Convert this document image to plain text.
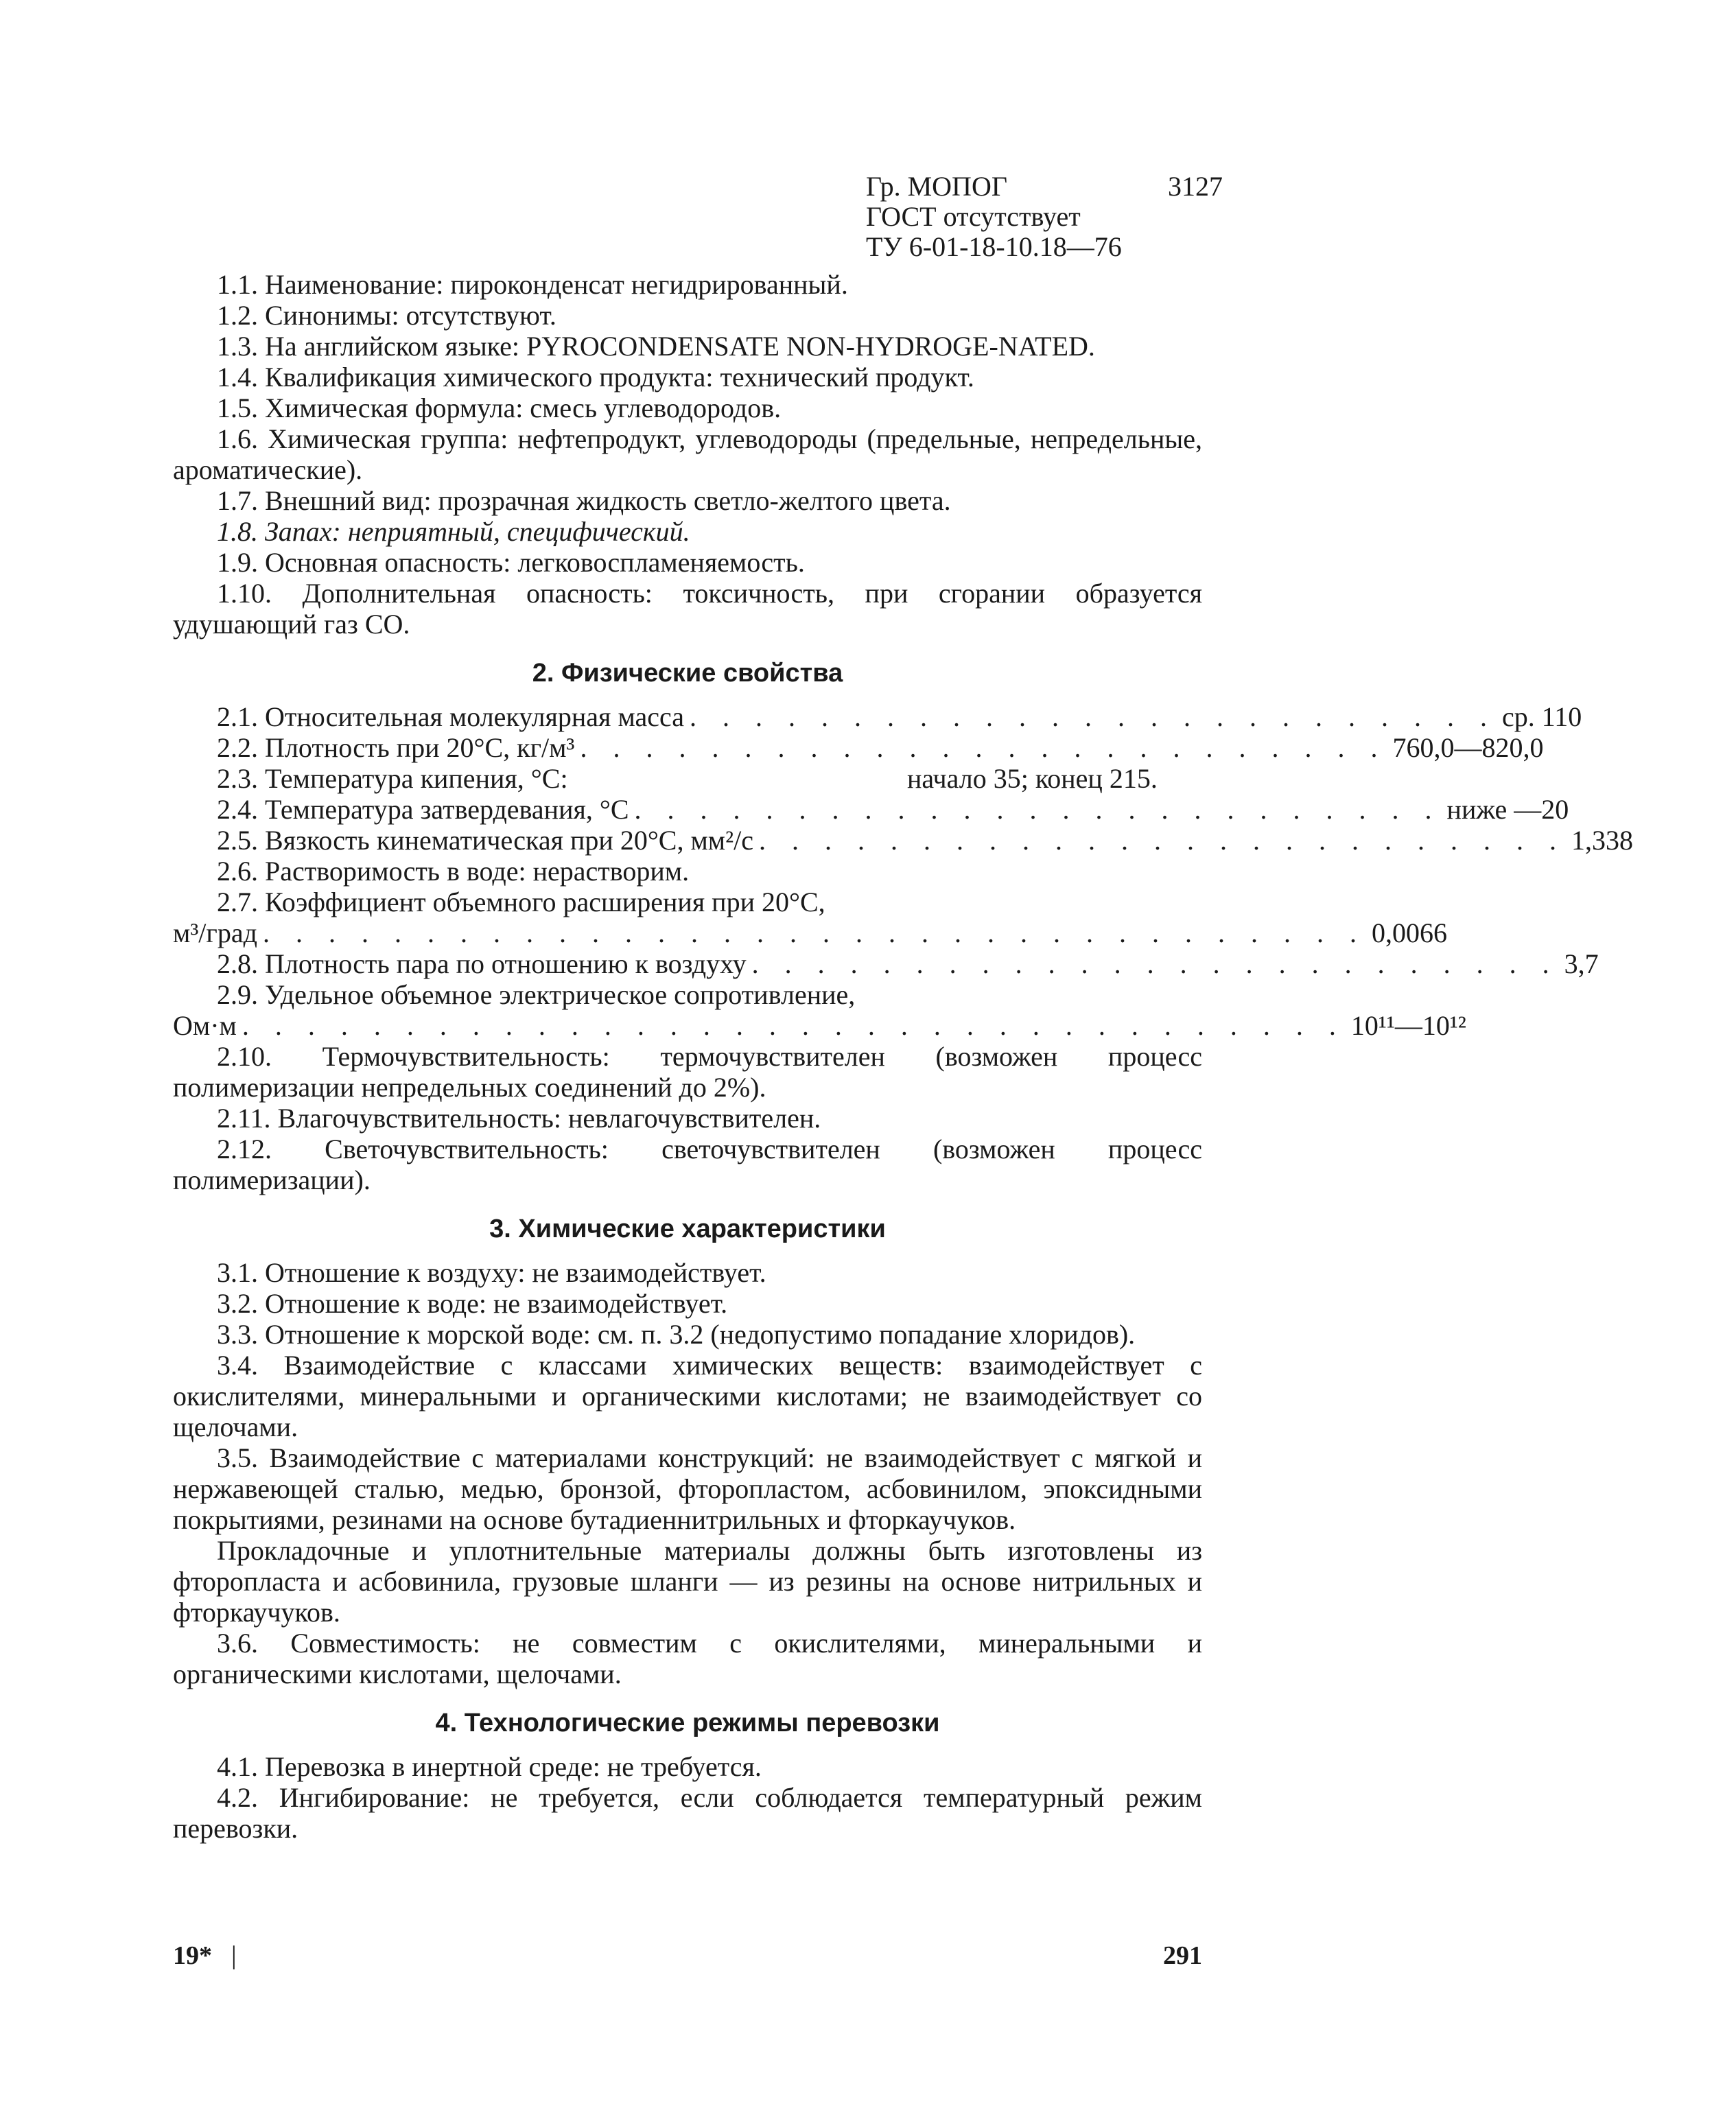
Гр. МОПОГ	3127
ГОСТ отсутствует
ТУ 6-01-18-10.18—76

1.1. Наименование: пироконденсат негидрированный.

1.2. Синонимы: отсутствуют.

1.3. На английском языке: PYROCONDENSATE NON-HYDROGE-NATED.

1.4. Квалификация химического продукта: технический продукт.

1.5. Химическая формула: смесь углеводородов.

1.6. Химическая группа: нефтепродукт, углеводороды (предельные, непредельные, ароматические).

1.7. Внешний вид: прозрачная жидкость светло-желтого цвета.

1.8. Запах: неприятный, специфический.

1.9. Основная опасность: легковоспламеняемость.

1.10. Дополнительная опасность: токсичность, при сгорании образуется удушающий газ СО.

2. Физические свойства
2.1. Относительная молекулярная масса . . . . . . . . . . . . . . . . . . . . . . . . . ср. 110
2.2. Плотность при 20°С, кг/м³ . . . . . . . . . . . . . . . . . . . . . . . . . 760,0—820,0
2.3. Температура кипения, °С:	начало 35; конец 215.
2.4. Температура затвердевания, °С . . . . . . . . . . . . . . . . . . . . . . . . . ниже —20
2.5. Вязкость кинематическая при 20°С, мм²/с . . . . . . . . . . . . . . . . . . . . . . . . . 1,338

2.6. Растворимость в воде: нерастворим.

2.7. Коэффициент объемного расширения при 20°С,

м³/град . . . . . . . . . . . . . . . . . . . . . . . . . . . . . . . . . . 0,0066
2.8. Плотность пара по отношению к воздуху . . . . . . . . . . . . . . . . . . . . . . . . . 3,7

2.9. Удельное объемное электрическое сопротивление,

Ом·м . . . . . . . . . . . . . . . . . . . . . . . . . . . . . . . . . . 10¹¹—10¹²

2.10. Термочувствительность: термочувствителен (возможен процесс полимеризации непредельных соединений до 2%).

2.11. Влагочувствительность: невлагочувствителен.

2.12. Светочувствительность: светочувствителен (возможен процесс полимеризации).

3. Химические характеристики

3.1. Отношение к воздуху: не взаимодействует.

3.2. Отношение к воде: не взаимодействует.

3.3. Отношение к морской воде: см. п. 3.2 (недопустимо попадание хлоридов).

3.4. Взаимодействие с классами химических веществ: взаимодействует с окислителями, минеральными и органическими кислотами; не взаимодействует со щелочами.

3.5. Взаимодействие с материалами конструкций: не взаимодействует с мягкой и нержавеющей сталью, медью, бронзой, фторопластом, асбовинилом, эпоксидными покрытиями, резинами на основе бутадиеннитрильных и фторкаучуков.

Прокладочные и уплотнительные материалы должны быть изготовлены из фторопласта и асбовинила, грузовые шланги — из резины на основе нитрильных и фторкаучуков.

3.6. Совместимость: не совместим с окислителями, минеральными и органическими кислотами, щелочами.

4. Технологические режимы перевозки

4.1. Перевозка в инертной среде: не требуется.

4.2. Ингибирование: не требуется, если соблюдается температурный режим перевозки.

19* |	291
